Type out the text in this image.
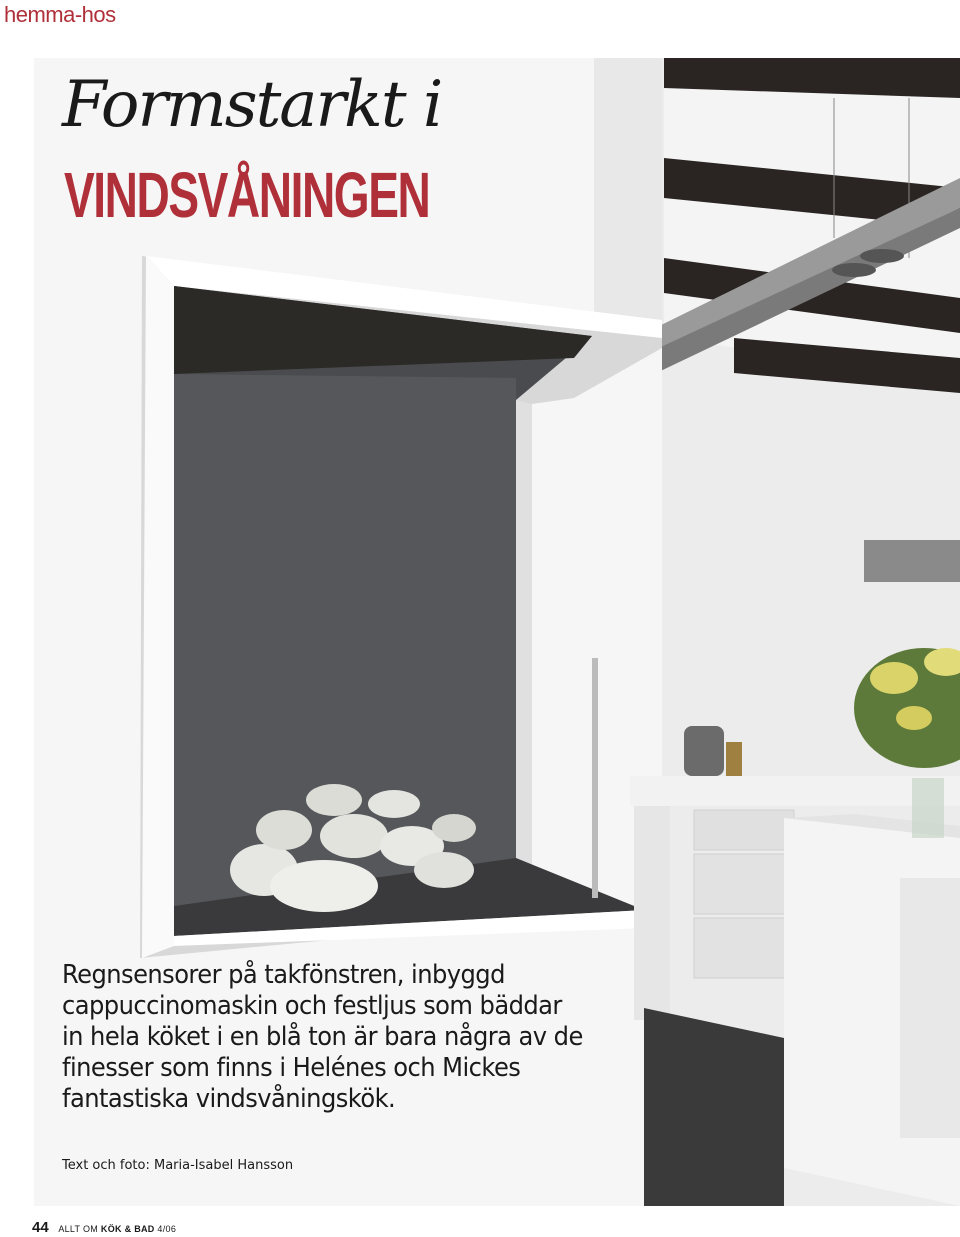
hemma-hos
Formstarkt i
VINDSVÅNINGEN
Regnsensorer på takfönstren, inbyggd cappuccinomaskin och festljus som bäddar in hela köket i en blå ton är bara några av de finesser som finns i Helénes och Mickes fantastiska vindsvåningskök.
Text och foto: Maria-Isabel Hansson
44 ALLT OM KÖK & BAD 4/06
